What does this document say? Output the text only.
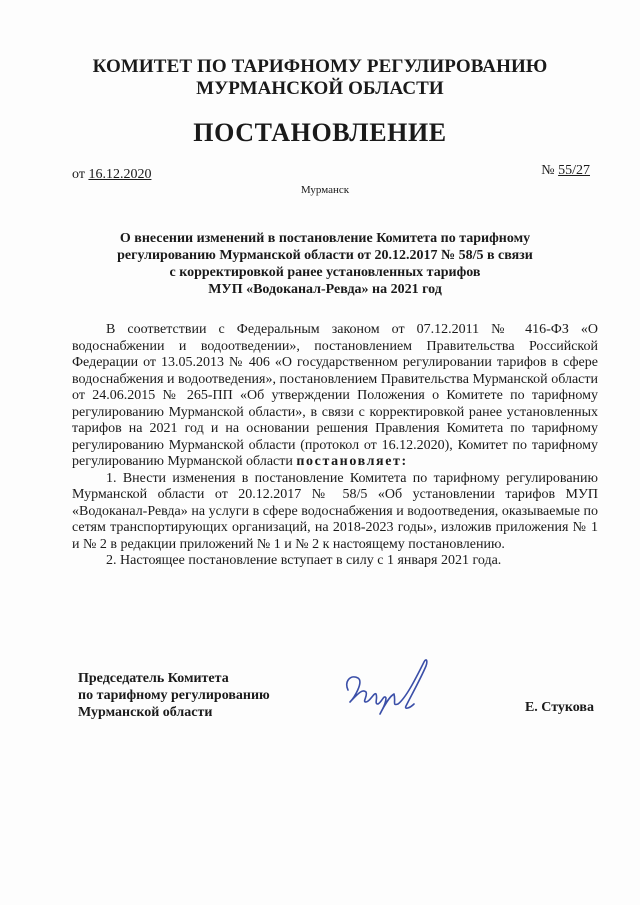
КОМИТЕТ ПО ТАРИФНОМУ РЕГУЛИРОВАНИЮ
МУРМАНСКОЙ ОБЛАСТИ
ПОСТАНОВЛЕНИЕ
от 16.12.2020	№ 55/27
Мурманск
О внесении изменений в постановление Комитета по тарифному
регулированию Мурманской области от 20.12.2017 № 58/5 в связи
с корректировкой ранее установленных тарифов
МУП «Водоканал-Ревда» на 2021 год

В соответствии с Федеральным законом от 07.12.2011 № 416-ФЗ «О водоснабжении и водоотведении», постановлением Правительства Российской Федерации от 13.05.2013 № 406 «О государственном регулировании тарифов в сфере водоснабжения и водоотведения», постановлением Правительства Мурманской области от 24.06.2015 № 265-ПП «Об утверждении Положения о Комитете по тарифному регулированию Мурманской области», в связи с корректировкой ранее установленных тарифов на 2021 год и на основании решения Правления Комитета по тарифному регулированию Мурманской области (протокол от 16.12.2020), Комитет по тарифному регулированию Мурманской области постановляет:

1. Внести изменения в постановление Комитета по тарифному регулированию Мурманской области от 20.12.2017 № 58/5 «Об установлении тарифов МУП «Водоканал-Ревда» на услуги в сфере водоснабжения и водоотведения, оказываемые по сетям транспортирующих организаций, на 2018-2023 годы», изложив приложения № 1 и № 2 в редакции приложений № 1 и № 2 к настоящему постановлению.

2. Настоящее постановление вступает в силу с 1 января 2021 года.

Председатель Комитета
по тарифному регулированию
Мурманской области	Е. Стукова
